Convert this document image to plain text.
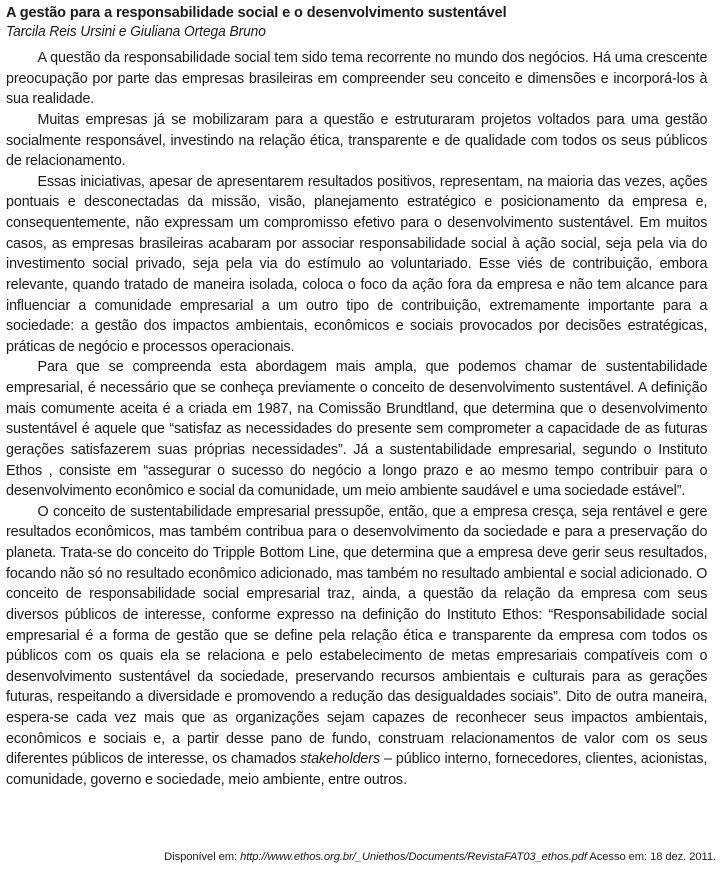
A gestão para a responsabilidade social e o desenvolvimento sustentável
Tarcila Reis Ursini e Giuliana Ortega Bruno

A questão da responsabilidade social tem sido tema recorrente no mundo dos negócios. Há uma crescente preocupação por parte das empresas brasileiras em compreender seu conceito e dimensões e incorporá-los à sua realidade.

Muitas empresas já se mobilizaram para a questão e estruturaram projetos voltados para uma gestão socialmente responsável, investindo na relação ética, transparente e de qualidade com todos os seus públicos de relacionamento.

Essas iniciativas, apesar de apresentarem resultados positivos, representam, na maioria das vezes, ações pontuais e desconectadas da missão, visão, planejamento estratégico e posicionamento da empresa e, consequentemente, não expressam um compromisso efetivo para o desenvolvimento sustentável. Em muitos casos, as empresas brasileiras acabaram por associar responsabilidade social à ação social, seja pela via do investimento social privado, seja pela via do estímulo ao voluntariado. Esse viés de contribuição, embora relevante, quando tratado de maneira isolada, coloca o foco da ação fora da empresa e não tem alcance para influenciar a comunidade empresarial a um outro tipo de contribuição, extremamente importante para a sociedade: a gestão dos impactos ambientais, econômicos e sociais provocados por decisões estratégicas, práticas de negócio e processos operacionais.

Para que se compreenda esta abordagem mais ampla, que podemos chamar de sustentabilidade empresarial, é necessário que se conheça previamente o conceito de desenvolvimento sustentável. A definição mais comumente aceita é a criada em 1987, na Comissão Brundtland, que determina que o desenvolvimento sustentável é aquele que “satisfaz as necessidades do presente sem comprometer a capacidade de as futuras gerações satisfazerem suas próprias necessidades”. Já a sustentabilidade empresarial, segundo o Instituto Ethos , consiste em “assegurar o sucesso do negócio a longo prazo e ao mesmo tempo contribuir para o desenvolvimento econômico e social da comunidade, um meio ambiente saudável e uma sociedade estável”.

O conceito de sustentabilidade empresarial pressupõe, então, que a empresa cresça, seja rentável e gere resultados econômicos, mas também contribua para o desenvolvimento da sociedade e para a preservação do planeta. Trata-se do conceito do Tripple Bottom Line, que determina que a empresa deve gerir seus resultados, focando não só no resultado econômico adicionado, mas também no resultado ambiental e social adicionado. O conceito de responsabilidade social empresarial traz, ainda, a questão da relação da empresa com seus diversos públicos de interesse, conforme expresso na definição do Instituto Ethos: “Responsabilidade social empresarial é a forma de gestão que se define pela relação ética e transparente da empresa com todos os públicos com os quais ela se relaciona e pelo estabelecimento de metas empresariais compatíveis com o desenvolvimento sustentável da sociedade, preservando recursos ambientais e culturais para as gerações futuras, respeitando a diversidade e promovendo a redução das desigualdades sociais”. Dito de outra maneira, espera-se cada vez mais que as organizações sejam capazes de reconhecer seus impactos ambientais, econômicos e sociais e, a partir desse pano de fundo, construam relacionamentos de valor com os seus diferentes públicos de interesse, os chamados stakeholders – público interno, fornecedores, clientes, acionistas, comunidade, governo e sociedade, meio ambiente, entre outros.

Disponível em: http://www.ethos.org.br/_Uniethos/Documents/RevistaFAT03_ethos.pdf Acesso em: 18 dez. 2011.
